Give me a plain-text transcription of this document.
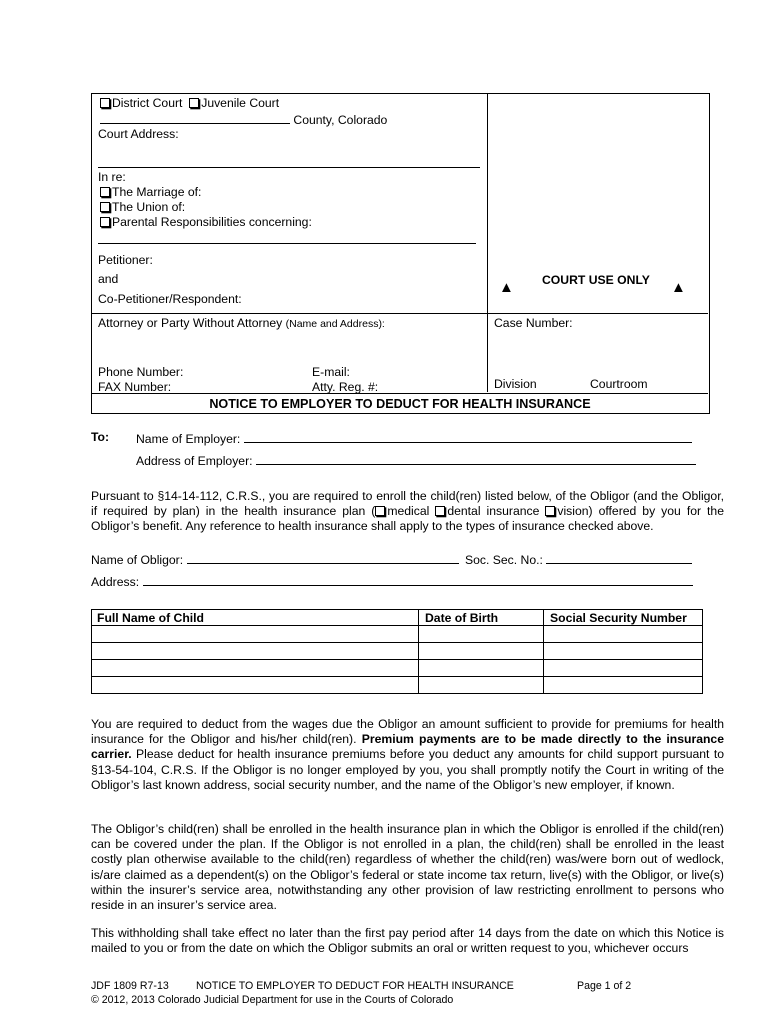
District Court Juvenile Court
County, Colorado
Court Address:
In re:
The Marriage of:
The Union of:
Parental Responsibilities concerning:
Petitioner:
and
Co-Petitioner/Respondent:
▲ COURT USE ONLY ▲
Attorney or Party Without Attorney (Name and Address):	Case Number:
Phone Number:	E-mail:
FAX Number:	Atty. Reg. #:	Division	Courtroom
NOTICE TO EMPLOYER TO DEDUCT FOR HEALTH INSURANCE
To: Name of Employer:
Address of Employer:
Pursuant to §14-14-112, C.R.S., you are required to enroll the child(ren) listed below, of the Obligor (and the Obligor, if required by plan) in the health insurance plan ( medical dental insurance vision) offered by you for the Obligor’s benefit. Any reference to health insurance shall apply to the types of insurance checked above.
Name of Obligor:	Soc. Sec. No.:
Address:
Full Name of Child	Date of Birth	Social Security Number

You are required to deduct from the wages due the Obligor an amount sufficient to provide for premiums for health insurance for the Obligor and his/her child(ren). Premium payments are to be made directly to the insurance carrier. Please deduct for health insurance premiums before you deduct any amounts for child support pursuant to §13-54-104, C.R.S. If the Obligor is no longer employed by you, you shall promptly notify the Court in writing of the Obligor’s last known address, social security number, and the name of the Obligor’s new employer, if known.
The Obligor’s child(ren) shall be enrolled in the health insurance plan in which the Obligor is enrolled if the child(ren) can be covered under the plan. If the Obligor is not enrolled in a plan, the child(ren) shall be enrolled in the least costly plan otherwise available to the child(ren) regardless of whether the child(ren) was/were born out of wedlock, is/are claimed as a dependent(s) on the Obligor’s federal or state income tax return, live(s) with the Obligor, or live(s) within the insurer’s service area, notwithstanding any other provision of law restricting enrollment to persons who reside in an insurer’s service area.
This withholding shall take effect no later than the first pay period after 14 days from the date on which this Notice is mailed to you or from the date on which the Obligor submits an oral or written request to you, whichever occurs
JDF 1809 R7-13	NOTICE TO EMPLOYER TO DEDUCT FOR HEALTH INSURANCE	Page 1 of 2
© 2012, 2013 Colorado Judicial Department for use in the Courts of Colorado
